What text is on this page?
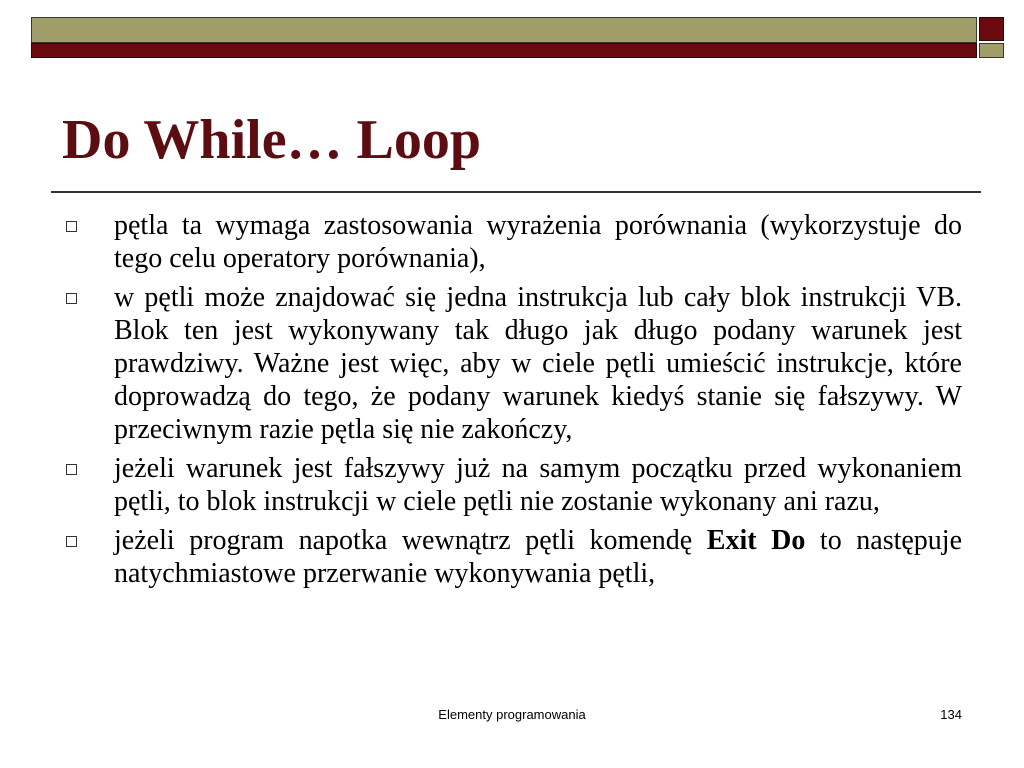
Do While… Loop
pętla ta wymaga zastosowania wyrażenia porównania (wykorzystuje do tego celu operatory porównania),
w pętli może znajdować się jedna instrukcja lub cały blok instrukcji VB. Blok ten jest wykonywany tak długo jak długo podany warunek jest prawdziwy. Ważne jest więc, aby w ciele pętli umieścić instrukcje, które doprowadzą do tego, że podany warunek kiedyś stanie się fałszywy. W przeciwnym razie pętla się nie zakończy,
jeżeli warunek jest fałszywy już na samym początku przed wykonaniem pętli, to blok instrukcji w ciele pętli nie zostanie wykonany ani razu,
jeżeli program napotka wewnątrz pętli komendę Exit Do to następuje natychmiastowe przerwanie wykonywania pętli,
Elementy programowania	134
